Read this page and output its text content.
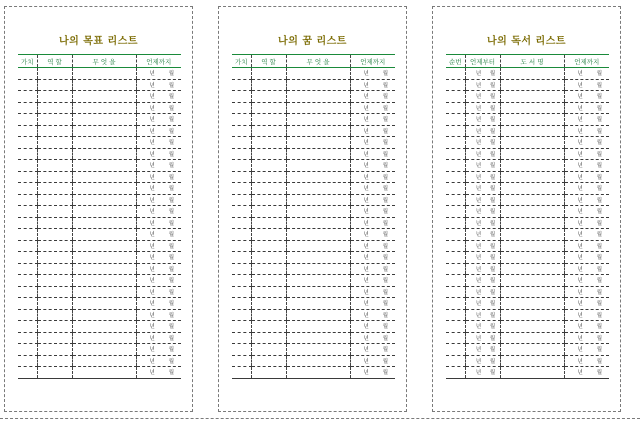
나의 목표 리스트
가치	역 할	무 엇 을	언제까지

			년 월

			년 월

			년 월

			년 월

			년 월

			년 월

			년 월

			년 월

			년 월

			년 월

			년 월

			년 월

			년 월

			년 월

			년 월

			년 월

			년 월

			년 월

			년 월

			년 월

			년 월

			년 월

			년 월

			년 월

			년 월

			년 월

			년 월
나의 꿈 리스트
가치	역 할	무 엇 을	언제까지

			년 월

			년 월

			년 월

			년 월

			년 월

			년 월

			년 월

			년 월

			년 월

			년 월

			년 월

			년 월

			년 월

			년 월

			년 월

			년 월

			년 월

			년 월

			년 월

			년 월

			년 월

			년 월

			년 월

			년 월

			년 월

			년 월

			년 월
나의 독서 리스트
순번	언제부터	도 서 명	언제까지

	년 월		년 월

	년 월		년 월

	년 월		년 월

	년 월		년 월

	년 월		년 월

	년 월		년 월

	년 월		년 월

	년 월		년 월

	년 월		년 월

	년 월		년 월

	년 월		년 월

	년 월		년 월

	년 월		년 월

	년 월		년 월

	년 월		년 월

	년 월		년 월

	년 월		년 월

	년 월		년 월

	년 월		년 월

	년 월		년 월

	년 월		년 월

	년 월		년 월

	년 월		년 월

	년 월		년 월

	년 월		년 월

	년 월		년 월

	년 월		년 월
